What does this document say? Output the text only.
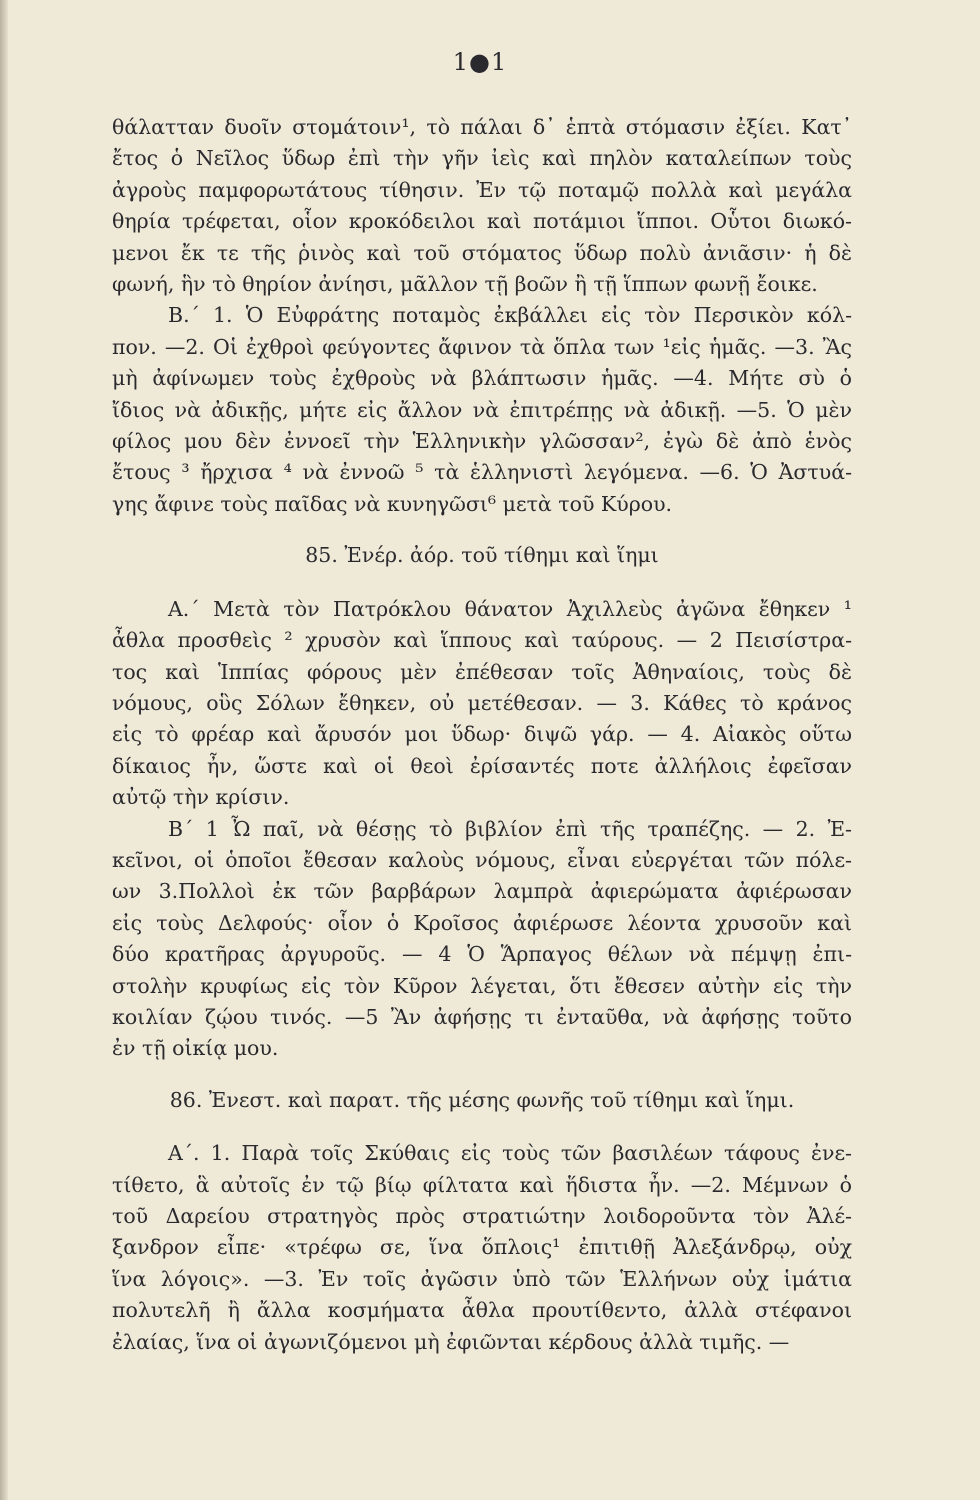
1●1
θάλατταν δυοῖν στομάτοιν¹, τὸ πάλαι δ᾽ ἑπτὰ στόμασιν ἐξίει. Κατ᾽
ἔτος ὁ Νεῖλος ὕδωρ ἐπὶ τὴν γῆν ἰεὶς καὶ πηλὸν καταλείπων τοὺς
ἀγροὺς παμφορωτάτους τίθησιν. Ἐν τῷ ποταμῷ πολλὰ καὶ μεγάλα
θηρία τρέφεται, οἷον κροκόδειλοι καὶ ποτάμιοι ἵπποι. Οὗτοι διωκό-
μενοι ἔκ τε τῆς ῥινὸς καὶ τοῦ στόματος ὕδωρ πολὺ ἀνιᾶσιν· ἡ δὲ
φωνή, ἣν τὸ θηρίον ἀνίησι, μᾶλλον τῇ βοῶν ἢ τῇ ἵππων φωνῇ ἔοικε.
Β.΄ 1. Ὁ Εὐφράτης ποταμὸς ἐκβάλλει εἰς τὸν Περσικὸν κόλ-
πον. —2. Οἱ ἐχθροὶ φεύγοντες ἄφινον τὰ ὅπλα των ¹εἰς ἡμᾶς. —3. Ἂς
μὴ ἀφίνωμεν τοὺς ἐχθροὺς νὰ βλάπτωσιν ἡμᾶς. —4. Μήτε σὺ ὁ
ἴδιος νὰ ἀδικῇς, μήτε εἰς ἄλλον νὰ ἐπιτρέπῃς νὰ ἀδικῇ. —5. Ὁ μὲν
φίλος μου δὲν ἐννοεῖ τὴν Ἑλληνικὴν γλῶσσαν², ἐγὼ δὲ ἀπὸ ἑνὸς
ἔτους ³ ἤρχισα ⁴ νὰ ἐννοῶ ⁵ τὰ ἑλληνιστὶ λεγόμενα. —6. Ὁ Ἀστυά-
γης ἄφινε τοὺς παῖδας νὰ κυνηγῶσι⁶ μετὰ τοῦ Κύρου.
85. Ἐνέρ. ἀόρ. τοῦ τίθημι καὶ ἵημι
Α.΄ Μετὰ τὸν Πατρόκλου θάνατον Ἀχιλλεὺς ἀγῶνα ἔθηκεν ¹
ἆθλα προσθεὶς ² χρυσὸν καὶ ἵππους καὶ ταύρους. — 2 Πεισίστρα-
τος καὶ Ἱππίας φόρους μὲν ἐπέθεσαν τοῖς Ἀθηναίοις, τοὺς δὲ
νόμους, οὓς Σόλων ἔθηκεν, οὐ μετέθεσαν. — 3. Κάθες τὸ κράνος
εἰς τὸ φρέαρ καὶ ἄρυσόν μοι ὕδωρ· διψῶ γάρ. — 4. Αἰακὸς οὕτω
δίκαιος ἦν, ὥστε καὶ οἱ θεοὶ ἐρίσαντές ποτε ἀλλήλοις ἐφεῖσαν
αὐτῷ τὴν κρίσιν.
Β΄ 1 Ὦ παῖ, νὰ θέσῃς τὸ βιβλίον ἐπὶ τῆς τραπέζης. — 2. Ἐ-
κεῖνοι, οἱ ὁποῖοι ἔθεσαν καλοὺς νόμους, εἶναι εὐεργέται τῶν πόλε-
ων 3.Πολλοὶ ἐκ τῶν βαρβάρων λαμπρὰ ἀφιερώματα ἀφιέρωσαν
εἰς τοὺς Δελφούς· οἷον ὁ Κροῖσος ἀφιέρωσε λέοντα χρυσοῦν καὶ
δύο κρατῆρας ἀργυροῦς. — 4 Ὁ Ἅρπαγος θέλων νὰ πέμψῃ ἐπι-
στολὴν κρυφίως εἰς τὸν Κῦρον λέγεται, ὅτι ἔθεσεν αὐτὴν εἰς τὴν
κοιλίαν ζῴου τινός. —5 Ἂν ἀφήσῃς τι ἐνταῦθα, νὰ ἀφήσῃς τοῦτο
ἐν τῇ οἰκίᾳ μου.
86. Ἐνεστ. καὶ παρατ. τῆς μέσης φωνῆς τοῦ τίθημι καὶ ἵημι.
Α΄. 1. Παρὰ τοῖς Σκύθαις εἰς τοὺς τῶν βασιλέων τάφους ἐνε-
τίθετο, ἃ αὐτοῖς ἐν τῷ βίῳ φίλτατα καὶ ἥδιστα ἦν. —2. Μέμνων ὁ
τοῦ Δαρείου στρατηγὸς πρὸς στρατιώτην λοιδοροῦντα τὸν Ἀλέ-
ξανδρον εἶπε· «τρέφω σε, ἵνα ὅπλοις¹ ἐπιτιθῇ Ἀλεξάνδρῳ, οὐχ
ἵνα λόγοις». —3. Ἐν τοῖς ἀγῶσιν ὑπὸ τῶν Ἑλλήνων οὐχ ἱμάτια
πολυτελῆ ἢ ἄλλα κοσμήματα ἆθλα προυτίθεντο, ἀλλὰ στέφανοι
ἐλαίας, ἵνα οἱ ἀγωνιζόμενοι μὴ ἐφιῶνται κέρδους ἀλλὰ τιμῆς. —
